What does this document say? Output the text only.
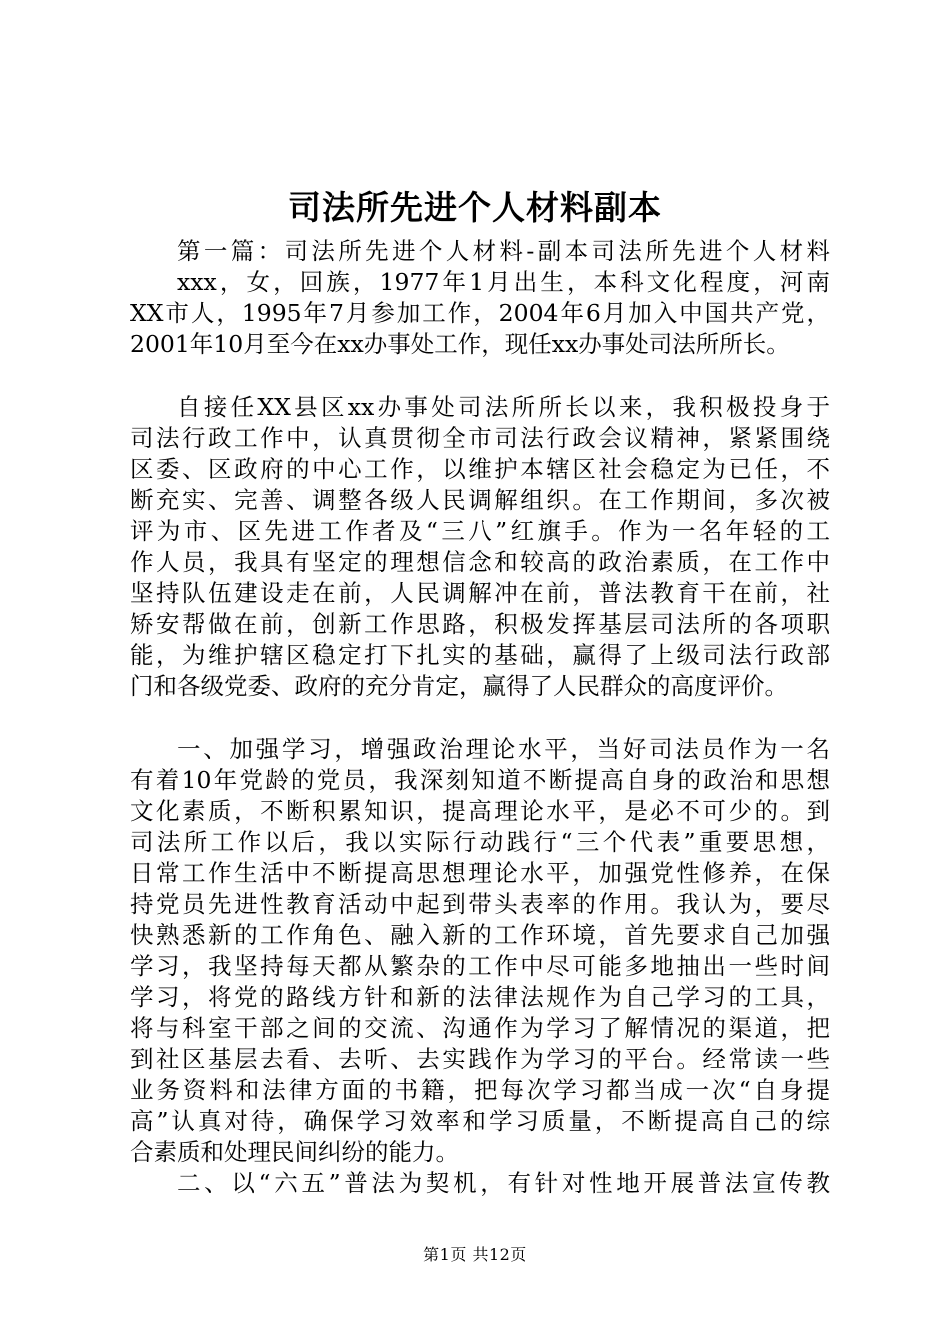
司法所先进个人材料副本
第一篇：司法所先进个人材料-副本司法所先进个人材料
xxx，女，回族，1977年1月出生，本科文化程度，河南
XX市人，1995年7月参加工作，2004年6月加入中国共产党，
2001年10月至今在xx办事处工作，现任xx办事处司法所所长。
自接任XX县区xx办事处司法所所长以来，我积极投身于
司法行政工作中，认真贯彻全市司法行政会议精神，紧紧围绕
区委、区政府的中心工作，以维护本辖区社会稳定为已任，不
断充实、完善、调整各级人民调解组织。在工作期间，多次被
评为市、区先进工作者及“三八”红旗手。作为一名年轻的工
作人员，我具有坚定的理想信念和较高的政治素质，在工作中
坚持队伍建设走在前，人民调解冲在前，普法教育干在前，社
矫安帮做在前，创新工作思路，积极发挥基层司法所的各项职
能，为维护辖区稳定打下扎实的基础，赢得了上级司法行政部
门和各级党委、政府的充分肯定，赢得了人民群众的高度评价。
一、加强学习，增强政治理论水平，当好司法员作为一名
有着10年党龄的党员，我深刻知道不断提高自身的政治和思想
文化素质，不断积累知识，提高理论水平，是必不可少的。到
司法所工作以后，我以实际行动践行“三个代表”重要思想，
日常工作生活中不断提高思想理论水平，加强党性修养，在保
持党员先进性教育活动中起到带头表率的作用。我认为，要尽
快熟悉新的工作角色、融入新的工作环境，首先要求自己加强
学习，我坚持每天都从繁杂的工作中尽可能多地抽出一些时间
学习，将党的路线方针和新的法律法规作为自己学习的工具，
将与科室干部之间的交流、沟通作为学习了解情况的渠道，把
到社区基层去看、去听、去实践作为学习的平台。经常读一些
业务资料和法律方面的书籍，把每次学习都当成一次“自身提
高”认真对待，确保学习效率和学习质量，不断提高自己的综
合素质和处理民间纠纷的能力。
二、以“六五”普法为契机，有针对性地开展普法宣传教
第1页 共12页
